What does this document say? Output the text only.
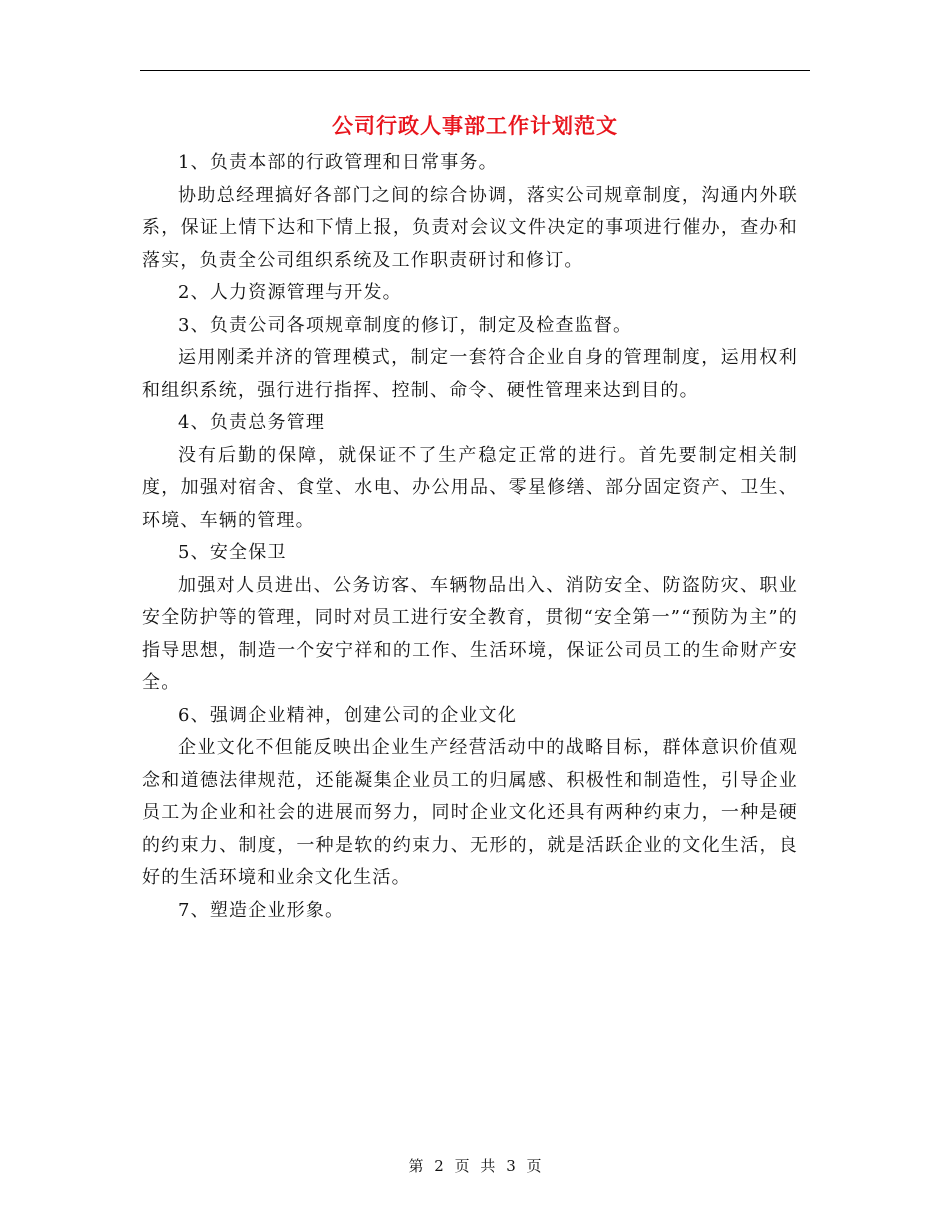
公司行政人事部工作计划范文

1、负责本部的行政管理和日常事务。

协助总经理搞好各部门之间的综合协调，落实公司规章制度，沟通内外联系，保证上情下达和下情上报，负责对会议文件决定的事项进行催办，查办和落实，负责全公司组织系统及工作职责研讨和修订。

2、人力资源管理与开发。

3、负责公司各项规章制度的修订，制定及检查监督。

运用刚柔并济的管理模式，制定一套符合企业自身的管理制度，运用权利和组织系统，强行进行指挥、控制、命令、硬性管理来达到目的。

4、负责总务管理

没有后勤的保障，就保证不了生产稳定正常的进行。首先要制定相关制度，加强对宿舍、食堂、水电、办公用品、零星修缮、部分固定资产、卫生、环境、车辆的管理。

5、安全保卫

加强对人员进出、公务访客、车辆物品出入、消防安全、防盗防灾、职业安全防护等的管理，同时对员工进行安全教育，贯彻“安全第一”“预防为主”的指导思想，制造一个安宁祥和的工作、生活环境，保证公司员工的生命财产安全。

6、强调企业精神，创建公司的企业文化

企业文化不但能反映出企业生产经营活动中的战略目标，群体意识价值观念和道德法律规范，还能凝集企业员工的归属感、积极性和制造性，引导企业员工为企业和社会的进展而努力，同时企业文化还具有两种约束力，一种是硬的约束力、制度，一种是软的约束力、无形的，就是活跃企业的文化生活，良好的生活环境和业余文化生活。

7、塑造企业形象。

第 2 页 共 3 页
